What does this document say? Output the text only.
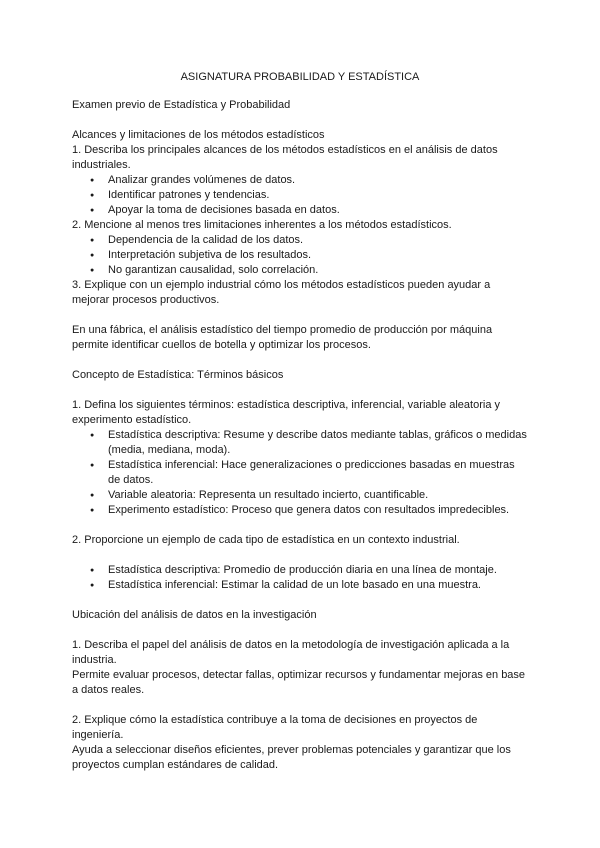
ASIGNATURA PROBABILIDAD Y ESTADÍSTICA

Examen previo de Estadística y Probabilidad

Alcances y limitaciones de los métodos estadísticos

1. Describa los principales alcances de los métodos estadísticos en el análisis de datos industriales.

● Analizar grandes volúmenes de datos.
● Identificar patrones y tendencias.
● Apoyar la toma de decisiones basada en datos.

2. Mencione al menos tres limitaciones inherentes a los métodos estadísticos.

● Dependencia de la calidad de los datos.
● Interpretación subjetiva de los resultados.
● No garantizan causalidad, solo correlación.

3. Explique con un ejemplo industrial cómo los métodos estadísticos pueden ayudar a mejorar procesos productivos.

En una fábrica, el análisis estadístico del tiempo promedio de producción por máquina permite identificar cuellos de botella y optimizar los procesos.

Concepto de Estadística: Términos básicos

1. Defina los siguientes términos: estadística descriptiva, inferencial, variable aleatoria y experimento estadístico.

● Estadística descriptiva: Resume y describe datos mediante tablas, gráficos o medidas (media, mediana, moda).
● Estadística inferencial: Hace generalizaciones o predicciones basadas en muestras de datos.
● Variable aleatoria: Representa un resultado incierto, cuantificable.
● Experimento estadístico: Proceso que genera datos con resultados impredecibles.

2. Proporcione un ejemplo de cada tipo de estadística en un contexto industrial.

● Estadística descriptiva: Promedio de producción diaria en una línea de montaje.
● Estadística inferencial: Estimar la calidad de un lote basado en una muestra.

Ubicación del análisis de datos en la investigación

1. Describa el papel del análisis de datos en la metodología de investigación aplicada a la industria.

Permite evaluar procesos, detectar fallas, optimizar recursos y fundamentar mejoras en base a datos reales.

2. Explique cómo la estadística contribuye a la toma de decisiones en proyectos de ingeniería.

Ayuda a seleccionar diseños eficientes, prever problemas potenciales y garantizar que los proyectos cumplan estándares de calidad.
